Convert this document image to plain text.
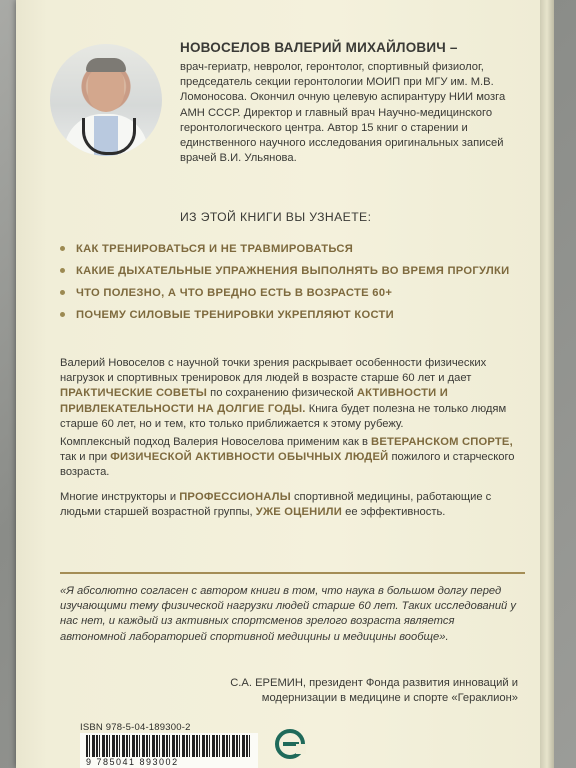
НОВОСЕЛОВ ВАЛЕРИЙ МИХАЙЛОВИЧ –
врач-гериатр, невролог, геронтолог, спортивный физиолог, председатель секции геронтологии МОИП при МГУ им. М.В. Ломоносова. Окончил очную целевую аспирантуру НИИ мозга АМН СССР. Директор и главный врач Научно-медицинского геронтологического центра. Автор 15 книг о старении и единственного научного исследования оригинальных записей врачей В.И. Ульянова.
ИЗ ЭТОЙ КНИГИ ВЫ УЗНАЕТЕ:
КАК ТРЕНИРОВАТЬСЯ И НЕ ТРАВМИРОВАТЬСЯ
КАКИЕ ДЫХАТЕЛЬНЫЕ УПРАЖНЕНИЯ ВЫПОЛНЯТЬ ВО ВРЕМЯ ПРОГУЛКИ
ЧТО ПОЛЕЗНО, А ЧТО ВРЕДНО ЕСТЬ В ВОЗРАСТЕ 60+
ПОЧЕМУ СИЛОВЫЕ ТРЕНИРОВКИ УКРЕПЛЯЮТ КОСТИ
Валерий Новоселов с научной точки зрения раскрывает особенности физических нагрузок и спортивных тренировок для людей в возрасте старше 60 лет и дает ПРАКТИЧЕСКИЕ СОВЕТЫ по сохранению физической АКТИВНОСТИ И ПРИВЛЕКАТЕЛЬНОСТИ НА ДОЛГИЕ ГОДЫ. Книга будет полезна не только людям старше 60 лет, но и тем, кто только приближается к этому рубежу.
Комплексный подход Валерия Новоселова применим как в ВЕТЕРАНСКОМ СПОРТЕ, так и при ФИЗИЧЕСКОЙ АКТИВНОСТИ ОБЫЧНЫХ ЛЮДЕЙ пожилого и старческого возраста.
Многие инструкторы и ПРОФЕССИОНАЛЫ спортивной медицины, работающие с людьми старшей возрастной группы, УЖЕ ОЦЕНИЛИ ее эффективность.
«Я абсолютно согласен с автором книги в том, что наука в большом долгу перед изучающими тему физической нагрузки людей старше 60 лет. Таких исследований у нас нет, и каждый из активных спортсменов зрелого возраста является автономной лабораторией спортивной медицины и медицины вообще».
С.А. ЕРЕМИН, президент Фонда развития инноваций и модернизации в медицине и спорте «Гераклион»
ISBN 978-5-04-189300-2
9 785041 893002
